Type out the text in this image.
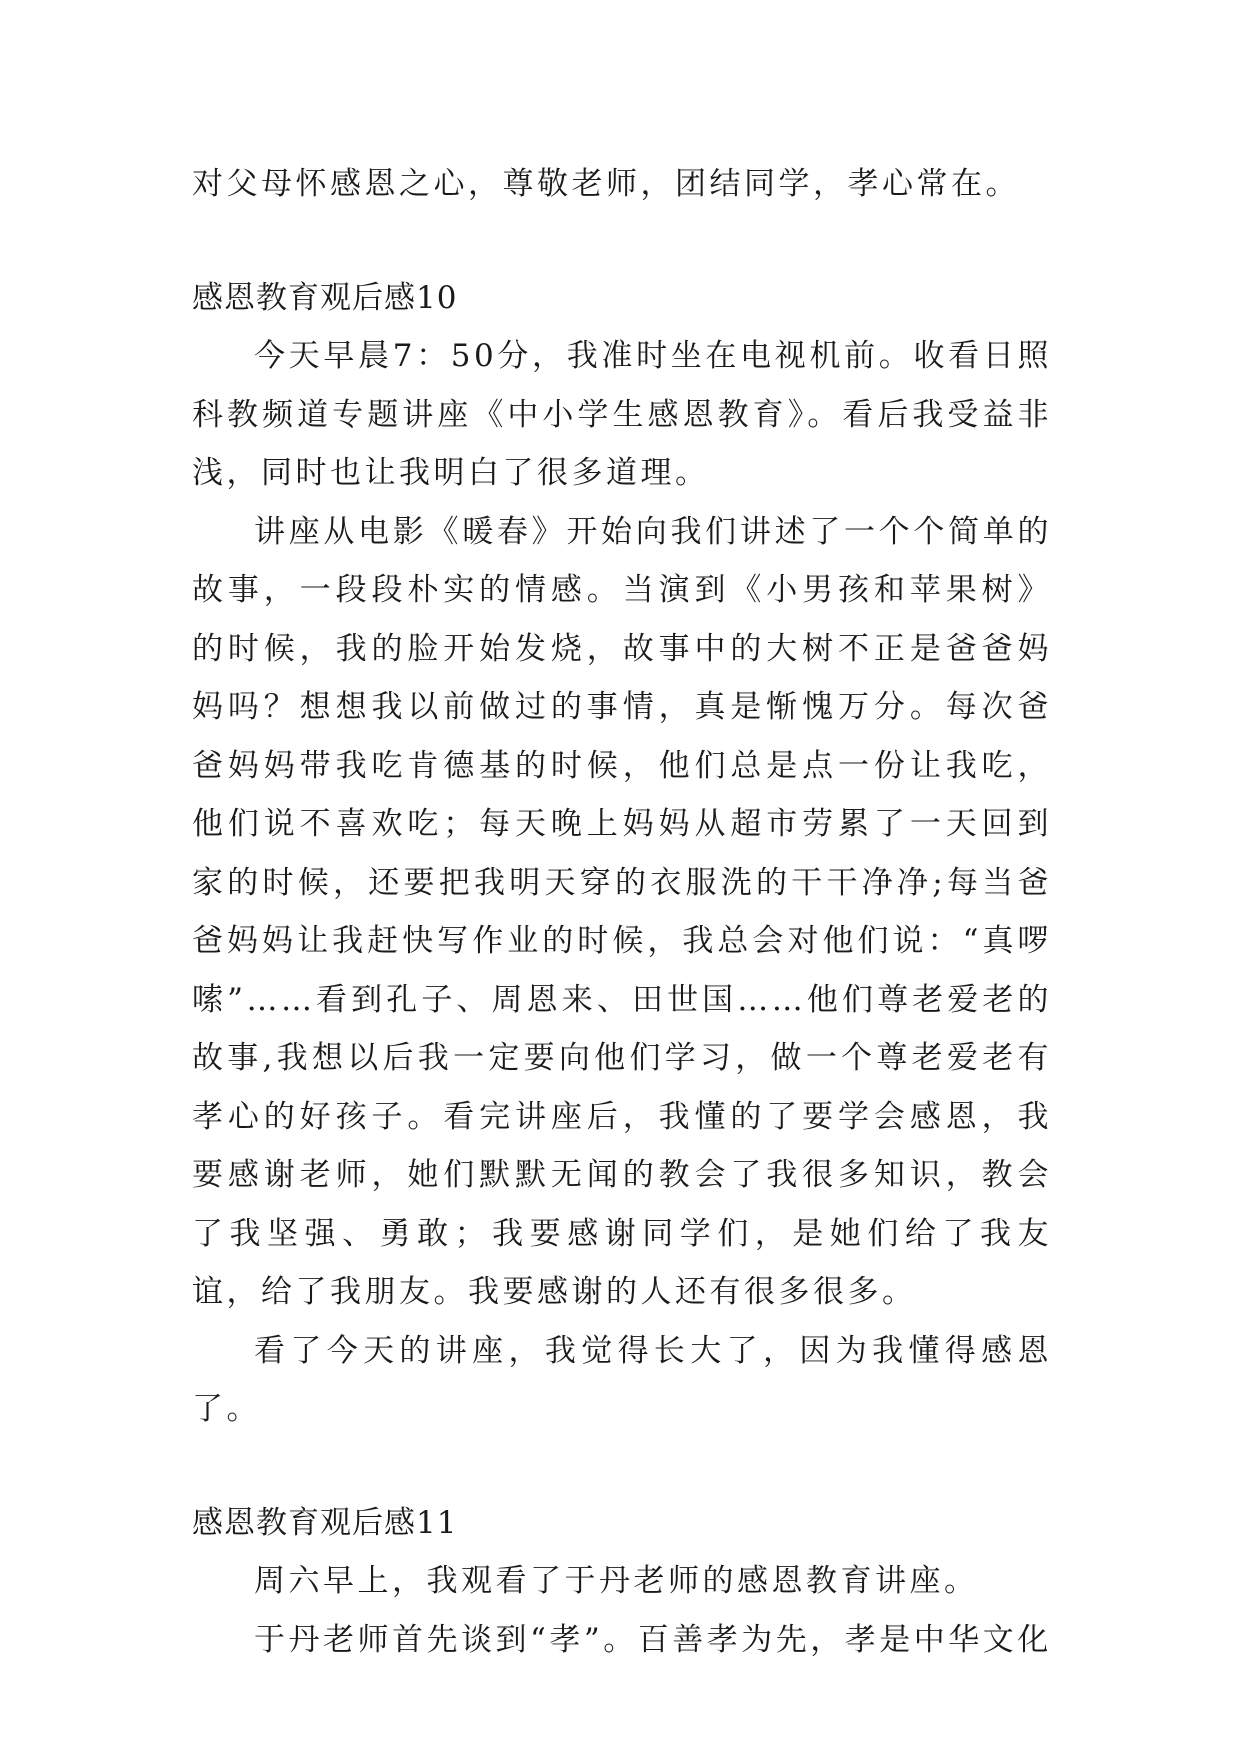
对父母怀感恩之心，尊敬老师，团结同学，孝心常在。

感恩教育观后感10

今天早晨7：50分，我准时坐在电视机前。收看日照科教频道专题讲座《中小学生感恩教育》。看后我受益非浅，同时也让我明白了很多道理。

讲座从电影《暖春》开始向我们讲述了一个个简单的故事，一段段朴实的情感。当演到《小男孩和苹果树》的时候，我的脸开始发烧，故事中的大树不正是爸爸妈妈吗？想想我以前做过的事情，真是惭愧万分。每次爸爸妈妈带我吃肯德基的时候，他们总是点一份让我吃，他们说不喜欢吃；每天晚上妈妈从超市劳累了一天回到家的时候，还要把我明天穿的衣服洗的干干净净;每当爸爸妈妈让我赶快写作业的时候，我总会对他们说：“真啰嗦”……看到孔子、周恩来、田世国……他们尊老爱老的故事,我想以后我一定要向他们学习，做一个尊老爱老有孝心的好孩子。看完讲座后，我懂的了要学会感恩，我要感谢老师，她们默默无闻的教会了我很多知识，教会了我坚强、勇敢；我要感谢同学们，是她们给了我友谊，给了我朋友。我要感谢的人还有很多很多。

看了今天的讲座，我觉得长大了，因为我懂得感恩了。

感恩教育观后感11

周六早上，我观看了于丹老师的感恩教育讲座。

于丹老师首先谈到“孝”。百善孝为先，孝是中华文化
